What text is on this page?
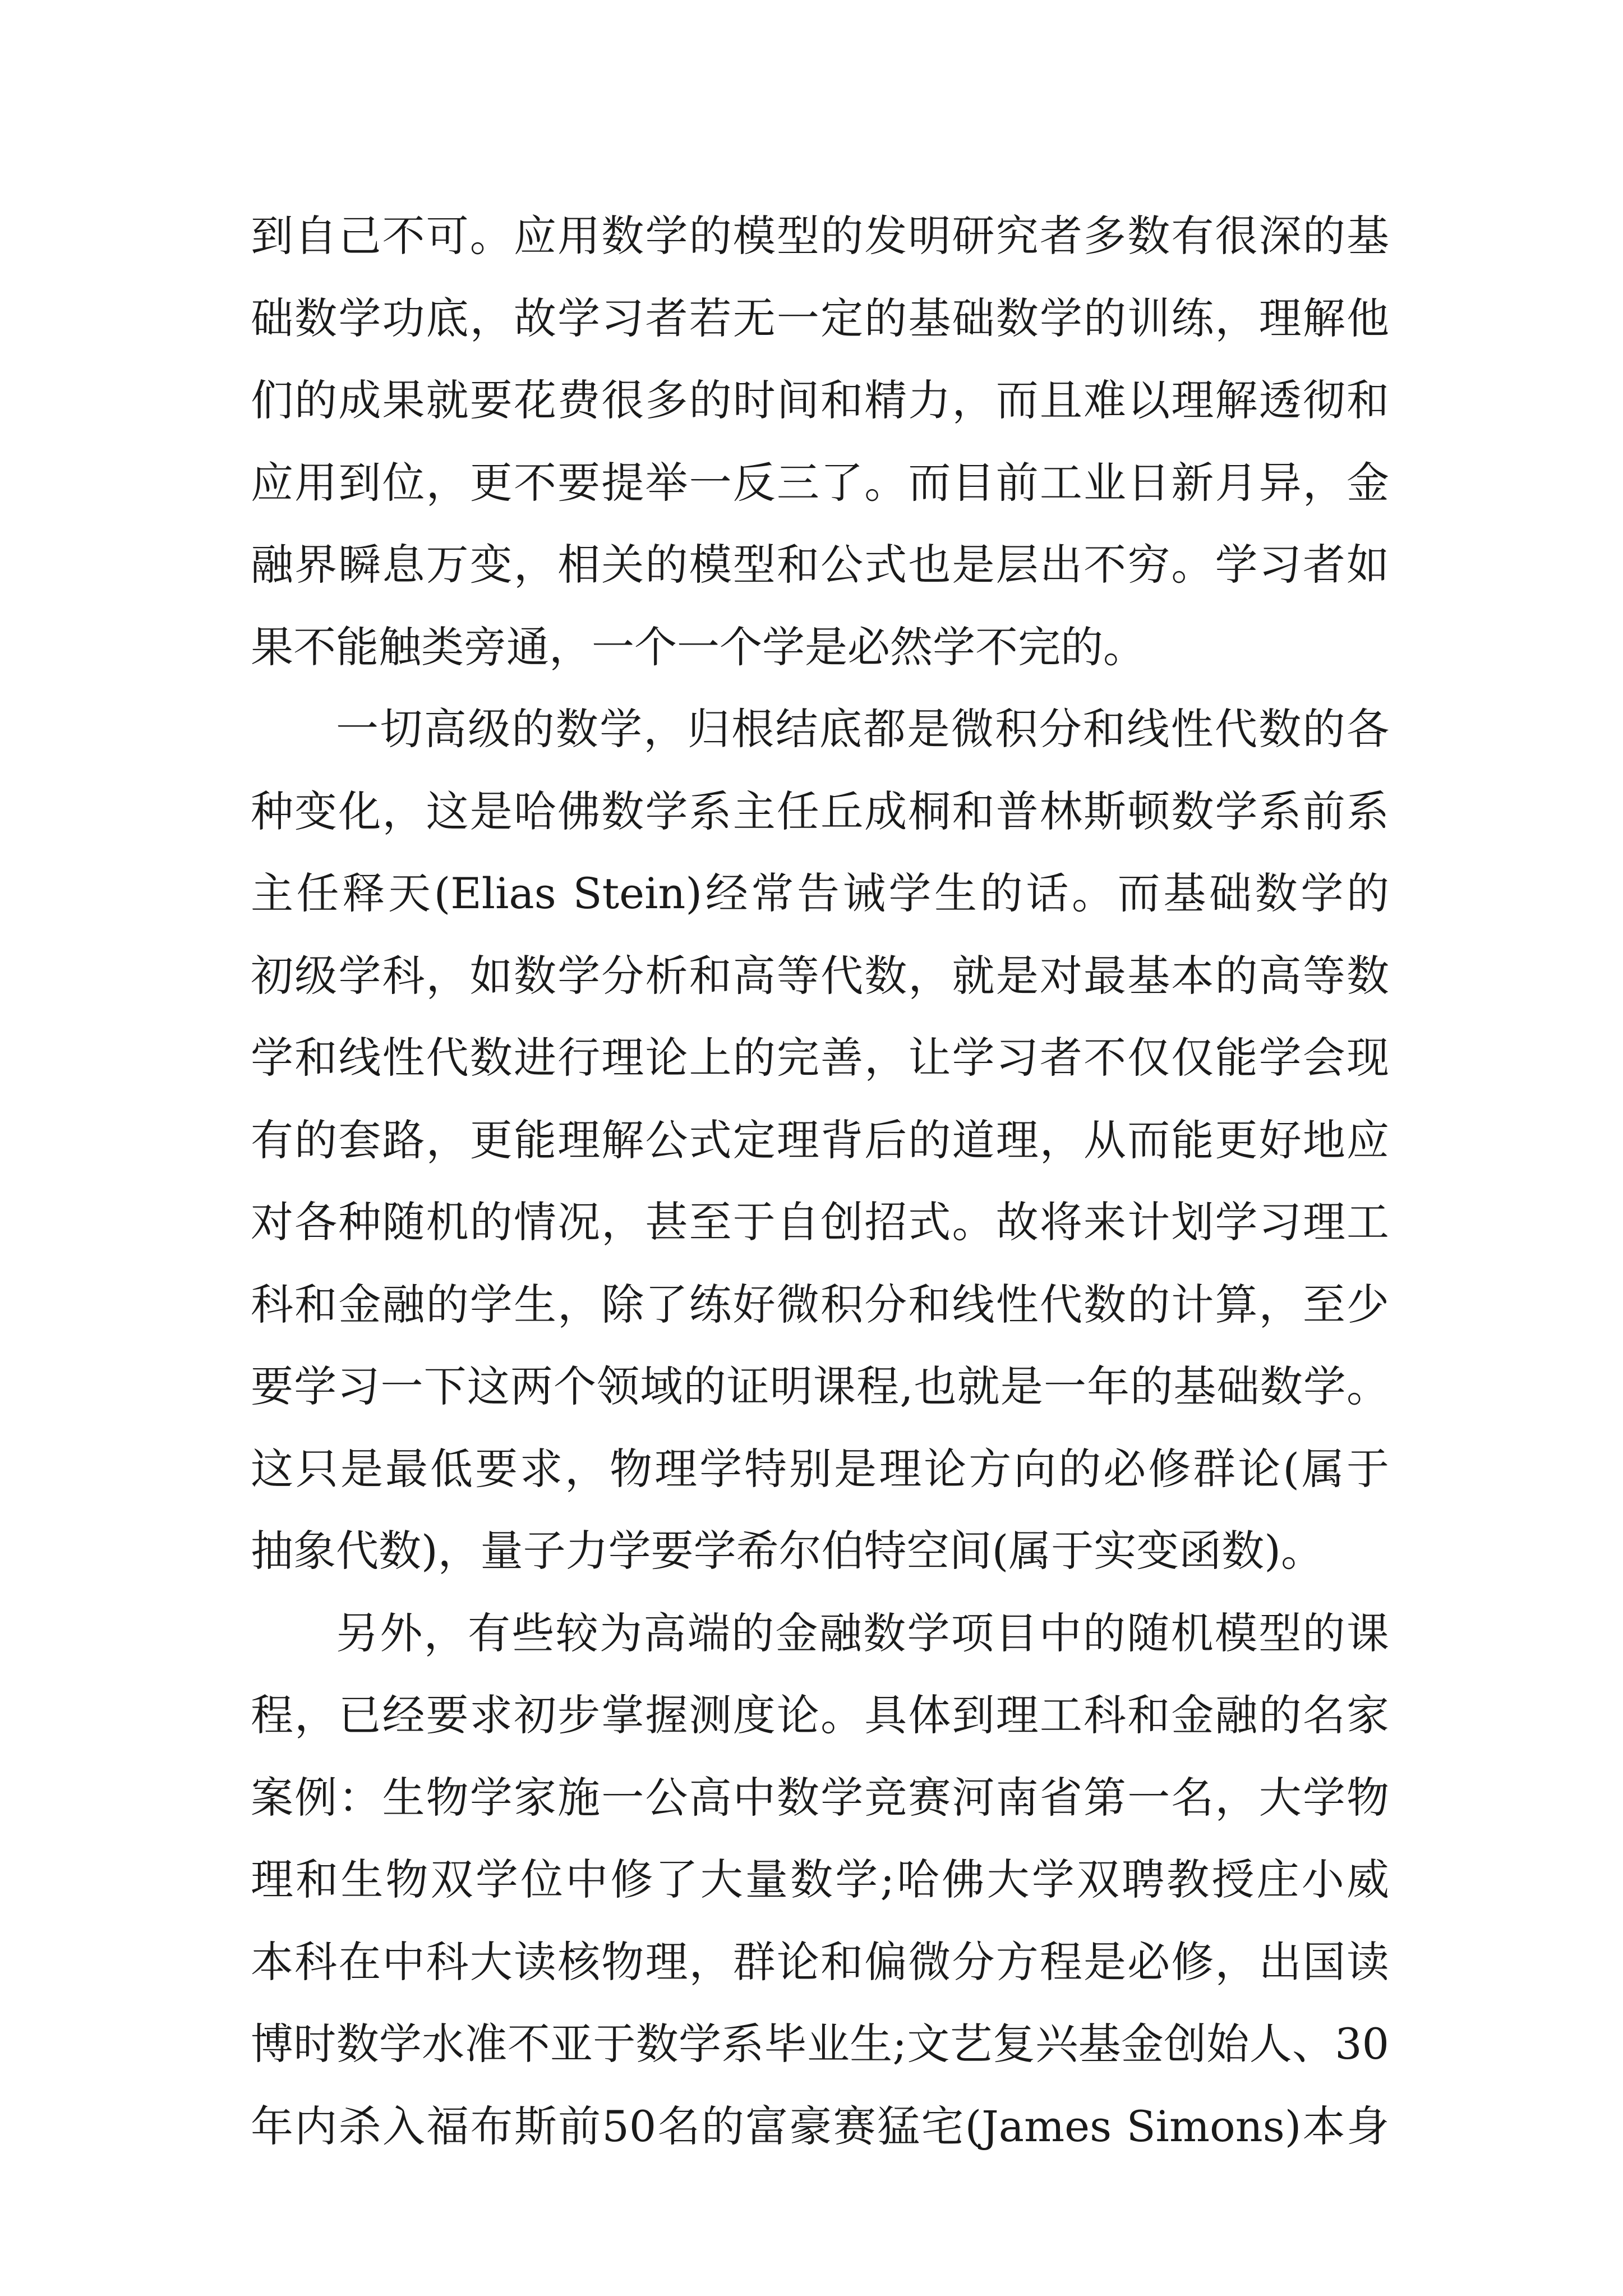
到自己不可。应用数学的模型的发明研究者多数有很深的基
础数学功底，故学习者若无一定的基础数学的训练，理解他
们的成果就要花费很多的时间和精力，而且难以理解透彻和
应用到位，更不要提举一反三了。而目前工业日新月异，金
融界瞬息万变，相关的模型和公式也是层出不穷。学习者如
果不能触类旁通，一个一个学是必然学不完的。
一切高级的数学，归根结底都是微积分和线性代数的各
种变化，这是哈佛数学系主任丘成桐和普林斯顿数学系前系
主任释天(Elias Stein)经常告诫学生的话。而基础数学的
初级学科，如数学分析和高等代数，就是对最基本的高等数
学和线性代数进行理论上的完善，让学习者不仅仅能学会现
有的套路，更能理解公式定理背后的道理，从而能更好地应
对各种随机的情况，甚至于自创招式。故将来计划学习理工
科和金融的学生，除了练好微积分和线性代数的计算，至少
要学习一下这两个领域的证明课程,也就是一年的基础数学。
这只是最低要求，物理学特别是理论方向的必修群论(属于
抽象代数)，量子力学要学希尔伯特空间(属于实变函数)。
另外，有些较为高端的金融数学项目中的随机模型的课
程，已经要求初步掌握测度论。具体到理工科和金融的名家
案例：生物学家施一公高中数学竞赛河南省第一名，大学物
理和生物双学位中修了大量数学;哈佛大学双聘教授庄小威
本科在中科大读核物理，群论和偏微分方程是必修，出国读
博时数学水准不亚于数学系毕业生;文艺复兴基金创始人、30
年内杀入福布斯前50名的富豪赛猛宅(James Simons)本身
